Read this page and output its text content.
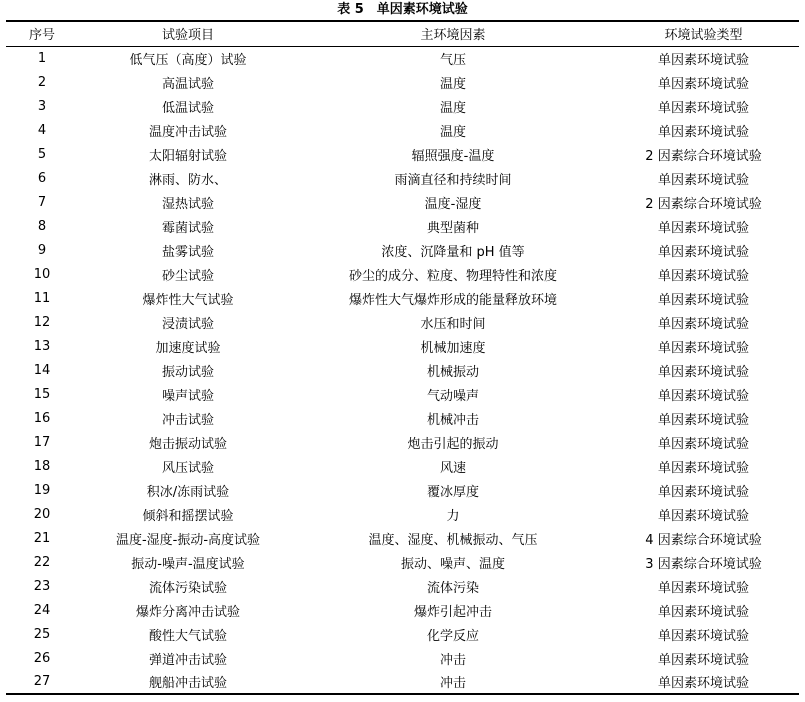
表 5　单因素环境试验
序号	试验项目	主环境因素	环境试验类型
1	低气压（高度）试验	气压	单因素环境试验
2	高温试验	温度	单因素环境试验
3	低温试验	温度	单因素环境试验
4	温度冲击试验	温度	单因素环境试验
5	太阳辐射试验	辐照强度-温度	2 因素综合环境试验
6	淋雨、防水、	雨滴直径和持续时间	单因素环境试验
7	湿热试验	温度-湿度	2 因素综合环境试验
8	霉菌试验	典型菌种	单因素环境试验
9	盐雾试验	浓度、沉降量和 pH 值等	单因素环境试验
10	砂尘试验	砂尘的成分、粒度、物理特性和浓度	单因素环境试验
11	爆炸性大气试验	爆炸性大气爆炸形成的能量释放环境	单因素环境试验
12	浸渍试验	水压和时间	单因素环境试验
13	加速度试验	机械加速度	单因素环境试验
14	振动试验	机械振动	单因素环境试验
15	噪声试验	气动噪声	单因素环境试验
16	冲击试验	机械冲击	单因素环境试验
17	炮击振动试验	炮击引起的振动	单因素环境试验
18	风压试验	风速	单因素环境试验
19	积冰/冻雨试验	覆冰厚度	单因素环境试验
20	倾斜和摇摆试验	力	单因素环境试验
21	温度-湿度-振动-高度试验	温度、湿度、机械振动、气压	4 因素综合环境试验
22	振动-噪声-温度试验	振动、噪声、温度	3 因素综合环境试验
23	流体污染试验	流体污染	单因素环境试验
24	爆炸分离冲击试验	爆炸引起冲击	单因素环境试验
25	酸性大气试验	化学反应	单因素环境试验
26	弹道冲击试验	冲击	单因素环境试验
27	舰船冲击试验	冲击	单因素环境试验
